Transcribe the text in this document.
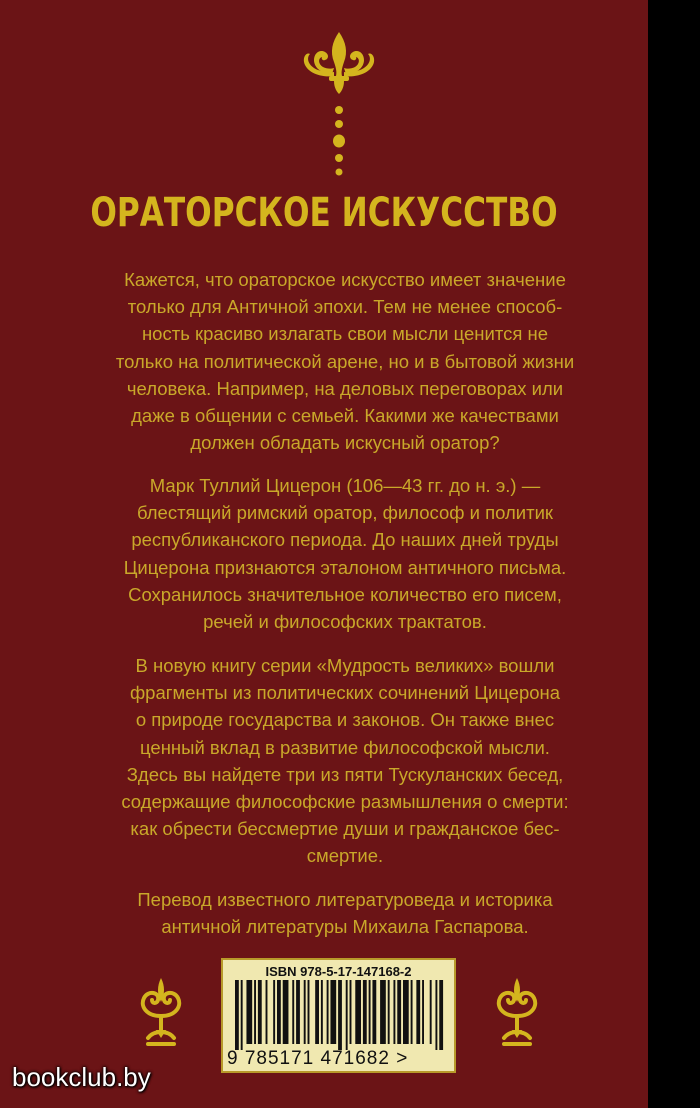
ОРАТОРСКОЕ ИСКУССТВО
Кажется, что ораторское искусство имеет значение
только для Античной эпохи. Тем не менее способ-
ность красиво излагать свои мысли ценится не
только на политической арене, но и в бытовой жизни
человека. Например, на деловых переговорах или
даже в общении с семьей. Какими же качествами
должен обладать искусный оратор?
Марк Туллий Цицерон (106—43 гг. до н. э.) —
блестящий римский оратор, философ и политик
республиканского периода. До наших дней труды
Цицерона признаются эталоном античного письма.
Сохранилось значительное количество его писем,
речей и философских трактатов.
В новую книгу серии «Мудрость великих» вошли
фрагменты из политических сочинений Цицерона
о природе государства и законов. Он также внес
ценный вклад в развитие философской мысли.
Здесь вы найдете три из пяти Тускуланских бесед,
содержащие философские размышления о смерти:
как обрести бессмертие души и гражданское бес-
смертие.
Перевод известного литературоведа и историка
античной литературы Михаила Гаспарова.
ISBN 978-5-17-147168-2
9 785171 471682 >
bookclub.by
